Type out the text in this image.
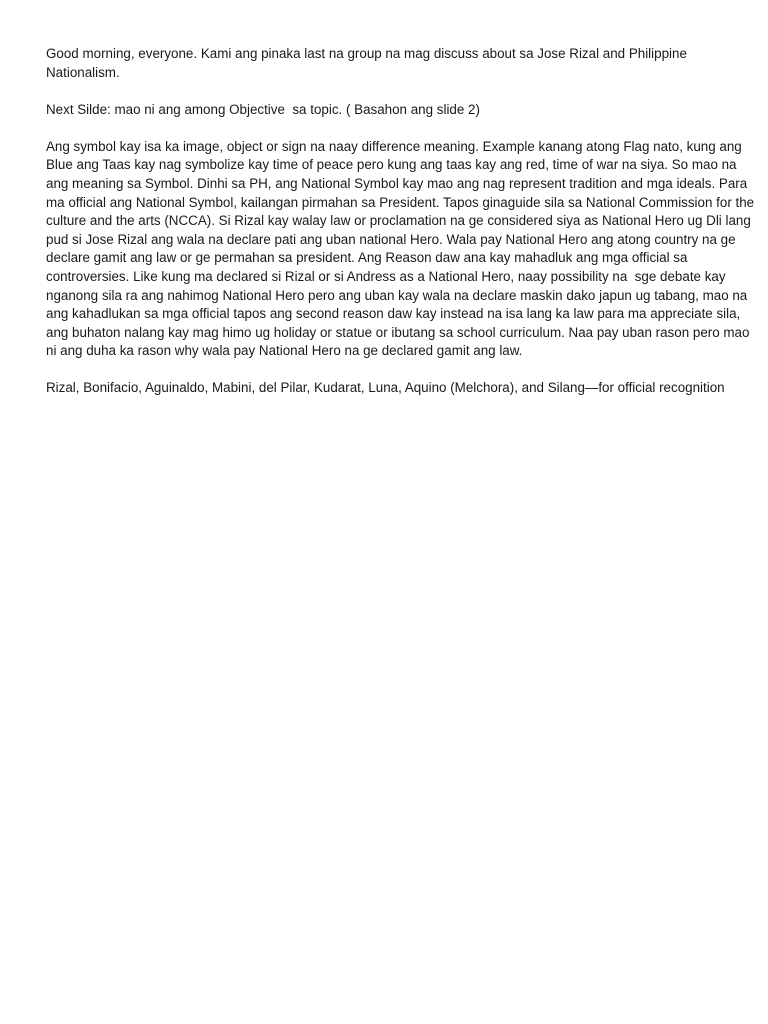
Good morning, everyone. Kami ang pinaka last na group na mag discuss about sa Jose Rizal and Philippine Nationalism.

Next Silde: mao ni ang among Objective  sa topic. ( Basahon ang slide 2)

Ang symbol kay isa ka image, object or sign na naay difference meaning. Example kanang atong Flag nato, kung ang Blue ang Taas kay nag symbolize kay time of peace pero kung ang taas kay ang red, time of war na siya. So mao na ang meaning sa Symbol. Dinhi sa PH, ang National Symbol kay mao ang nag represent tradition and mga ideals. Para ma official ang National Symbol, kailangan pirmahan sa President. Tapos ginaguide sila sa National Commission for the culture and the arts (NCCA). Si Rizal kay walay law or proclamation na ge considered siya as National Hero ug Dli lang pud si Jose Rizal ang wala na declare pati ang uban national Hero. Wala pay National Hero ang atong country na ge declare gamit ang law or ge permahan sa president. Ang Reason daw ana kay mahadluk ang mga official sa controversies. Like kung ma declared si Rizal or si Andress as a National Hero, naay possibility na  sge debate kay nganong sila ra ang nahimog National Hero pero ang uban kay wala na declare maskin dako japun ug tabang, mao na ang kahadlukan sa mga official tapos ang second reason daw kay instead na isa lang ka law para ma appreciate sila, ang buhaton nalang kay mag himo ug holiday or statue or ibutang sa school curriculum. Naa pay uban rason pero mao ni ang duha ka rason why wala pay National Hero na ge declared gamit ang law.

Rizal, Bonifacio, Aguinaldo, Mabini, del Pilar, Kudarat, Luna, Aquino (Melchora), and Silang—for official recognition
